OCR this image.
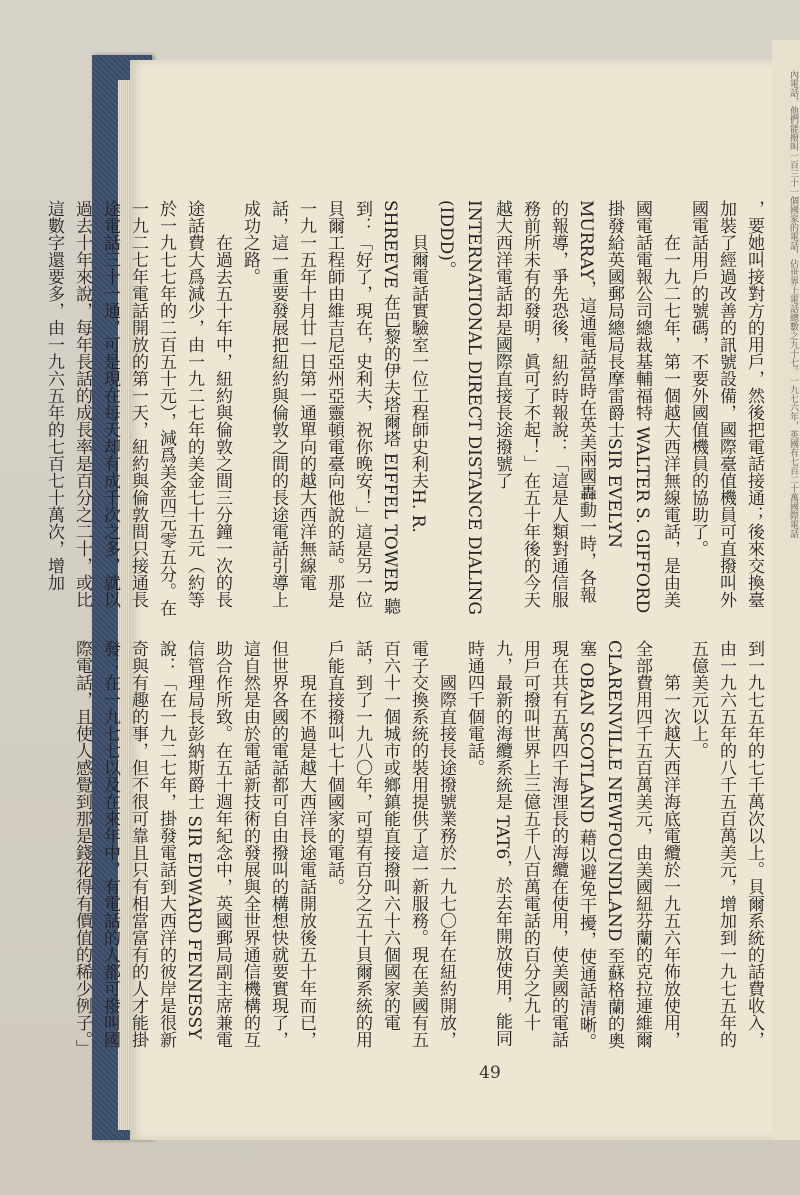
內電話，他們能撥叫一百三十一個國家的電話，佔世界上電話總數之九十七。一九七六年，英國有七百二十萬國際電話

，要她叫接對方的用戶，然後把電話接通；後來交換臺加裝了經過改善的訊號設備，國際臺值機員可直撥叫外國電話用戶的號碼，不要外國值機員的協助了。

在一九二七年，第一個越大西洋無線電話，是由美國電話電報公司總裁基輔福特 WALTER S. GIFFORD掛發給英國郵局總局長摩雷爵士SIR EVELYN MURRAY，這通電話當時在英美兩國轟動一時，各報的報導，爭先恐後，紐約時報說：「這是人類對通信服務前所未有的發明，眞可了不起！」在五十年後的今天越大西洋電話却是國際直接長途撥號了 INTERNATIONAL DIRECT DISTANCE DIALING (IDDD)。

貝爾電話實驗室一位工程師史利夫H. R. SHREEVE 在巴黎的伊夫塔爾塔 EIFFEL TOWER 聽到：「好了，現在，史利夫，祝你晚安！」這是另一位貝爾工程師由維吉尼亞州亞靈頓電臺向他說的話。那是一九一五年十月廿一日第一通單向的越大西洋無線電話，這一重要發展把紐約與倫敦之間的長途電話引導上成功之路。

在過去五十年中，紐約與倫敦之間三分鐘一次的長途話費大爲減少，由一九二七年的美金七十五元（約等於一九七七年的二百五十元），減爲美金四元零五分。在一九二七年電話開放的第一天，紐約與倫敦間只接通長途電話三十一通，可是現在每天却有成千次之多，就以過去十年來說，每年長話的成長率是百分之二十，或比這數字還要多，由一九六五年的七百七十萬次，增加

到一九七五年的七千萬次以上。貝爾系統的話費收入，由一九六五年的八千五百萬美元，增加到一九七五年的五億美元以上。

第一次越大西洋海底電纜於一九五六年佈放使用，全部費用四千五百萬美元，由美國紐芬蘭的克拉連維爾CLARENVILLE NEWFOUNDLAND 至蘇格蘭的奧塞 OBAN SCOTLAND 藉以避免干擾，使通話清晰。現在共有五萬四千海浬長的海纜在使用，使美國的電話用戶可撥叫世界上三億五千八百萬電話的百分之九十九，最新的海纜系統是 TAT6，於去年開放使用，能同時通四千個電話。

國際直接長途撥號業務於一九七〇年在紐約開放，電子交換系統的裝用提供了這一新服務。現在美國有五百六十一個城市或鄉鎮能直接撥叫六十六個國家的電話，到了一九八〇年，可望有百分之五十貝爾系統的用戶能直接撥叫七十個國家的電話。

現在不過是越大西洋長途電話開放後五十年而已，但世界各國的電話都可自由撥叫的構想快就要實現了，這自然是由於電話新技術的發展與全世界通信機構的互助合作所致。在五十週年紀念中，英國郵局副主席兼電信管理局長彭納斯爵士 SIR EDWARD FENNESSY 說：「在一九二七年，掛發電話到大西洋的彼岸是很新奇與有趣的事，但不很可靠且只有相當富有的人才能掛發；在一九七七以及在來年中，有電話的人都可撥叫國際電話，且使人感覺到那是錢花得有價值的稀少例子。」

49
